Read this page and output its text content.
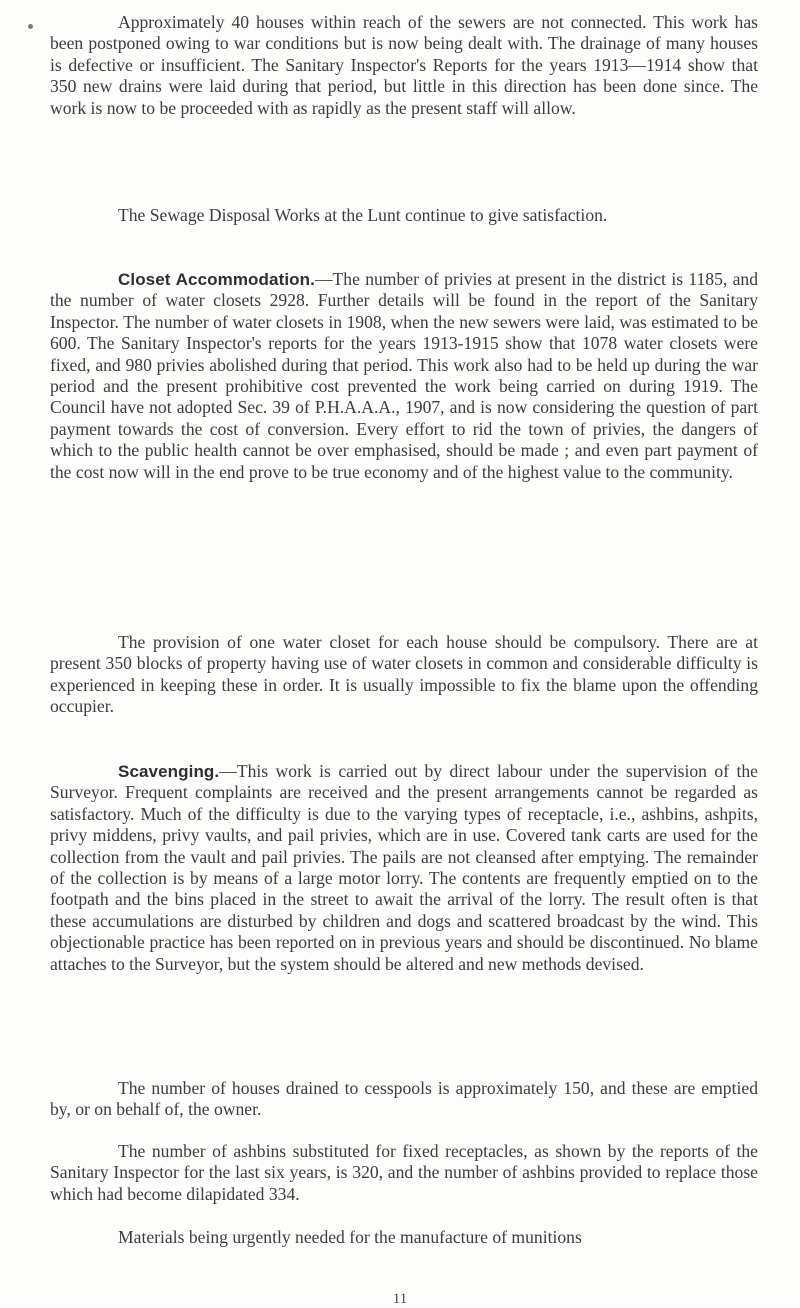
Approximately 40 houses within reach of the sewers are not connected. This work has been postponed owing to war conditions but is now being dealt with. The drainage of many houses is defective or insufficient. The Sanitary Inspector's Reports for the years 1913—1914 show that 350 new drains were laid during that period, but little in this direction has been done since. The work is now to be proceeded with as rapidly as the present staff will allow.

The Sewage Disposal Works at the Lunt continue to give satisfaction.

Closet Accommodation.—The number of privies at present in the district is 1185, and the number of water closets 2928. Further details will be found in the report of the Sanitary Inspector. The number of water closets in 1908, when the new sewers were laid, was estimated to be 600. The Sanitary Inspector's reports for the years 1913-1915 show that 1078 water closets were fixed, and 980 privies abolished during that period. This work also had to be held up during the war period and the present prohibitive cost prevented the work being carried on during 1919. The Council have not adopted Sec. 39 of P.H.A.A.A., 1907, and is now considering the question of part payment towards the cost of conversion. Every effort to rid the town of privies, the dangers of which to the public health cannot be over emphasised, should be made ; and even part payment of the cost now will in the end prove to be true economy and of the highest value to the community.

The provision of one water closet for each house should be compulsory. There are at present 350 blocks of property having use of water closets in common and considerable difficulty is experienced in keeping these in order. It is usually impossible to fix the blame upon the offending occupier.

Scavenging.—This work is carried out by direct labour under the supervision of the Surveyor. Frequent complaints are received and the present arrangements cannot be regarded as satisfactory. Much of the difficulty is due to the varying types of receptacle, i.e., ashbins, ashpits, privy middens, privy vaults, and pail privies, which are in use. Covered tank carts are used for the collection from the vault and pail privies. The pails are not cleansed after emptying. The remainder of the collection is by means of a large motor lorry. The contents are frequently emptied on to the footpath and the bins placed in the street to await the arrival of the lorry. The result often is that these accumulations are disturbed by children and dogs and scattered broadcast by the wind. This objectionable practice has been reported on in previous years and should be discontinued. No blame attaches to the Surveyor, but the system should be altered and new methods devised.

The number of houses drained to cesspools is approximately 150, and these are emptied by, or on behalf of, the owner.

The number of ashbins substituted for fixed receptacles, as shown by the reports of the Sanitary Inspector for the last six years, is 320, and the number of ashbins provided to replace those which had become dilapidated 334.

Materials being urgently needed for the manufacture of munitions

11
